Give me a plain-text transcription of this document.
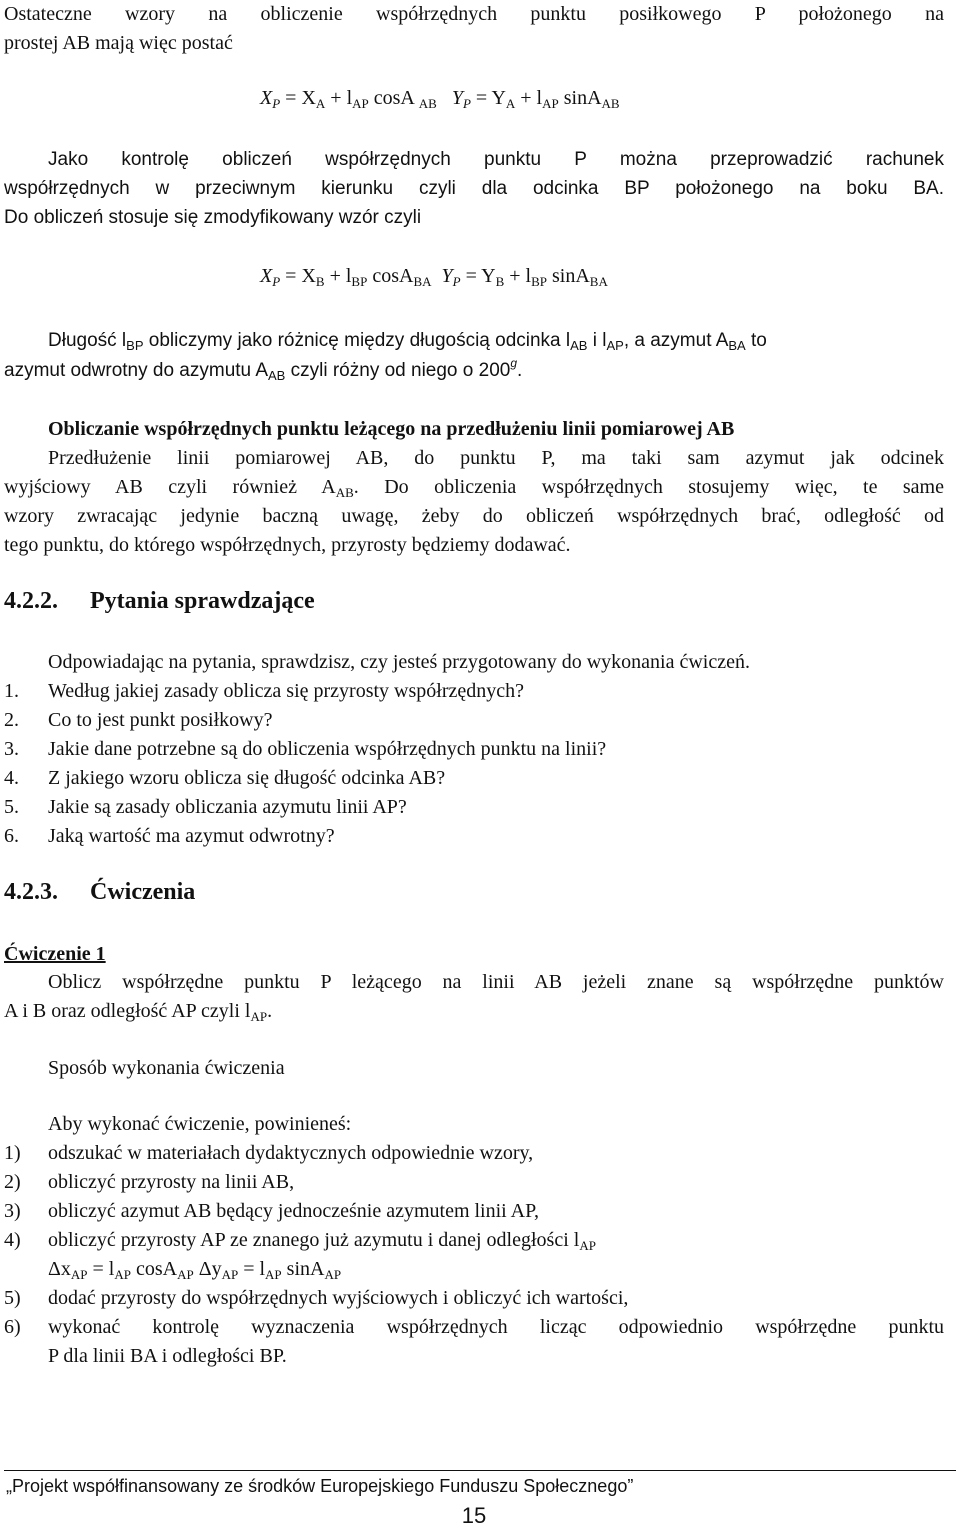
Ostateczne wzory na obliczenie współrzędnych punktu posiłkowego P położonego na
prostej AB mają więc postać
$X_P = X_A + l_{AP}$ cosA $_{AB}$ $Y_P = Y_A + l_{AP}$ sinA$_{AB}$
Jako kontrolę obliczeń współrzędnych punktu P można przeprowadzić rachunek
współrzędnych w przeciwnym kierunku czyli dla odcinka BP położonego na boku BA.
Do obliczeń stosuje się zmodyfikowany wzór czyli
$X_P = X_B + l_{BP}$ cosA$_{BA}$ $Y_P = Y_B + l_{BP}$ sinA$_{BA}$
Długość $l_{BP}$ obliczymy jako różnicę między długością odcinka $l_{AB}$ i $l_{AP}$, a azymut $A_{BA}$ to
azymut odwrotny do azymutu $A_{AB}$ czyli różny od niego o 200$^g$.
Obliczanie współrzędnych punktu leżącego na przedłużeniu linii pomiarowej AB
Przedłużenie linii pomiarowej AB, do punktu P, ma taki sam azymut jak odcinek
wyjściowy AB czyli również $A_{AB}$. Do obliczenia współrzędnych stosujemy więc, te same
wzory zwracając jedynie baczną uwagę, żeby do obliczeń współrzędnych brać, odległość od
tego punktu, do którego współrzędnych, przyrosty będziemy dodawać.
4.2.2. Pytania sprawdzające
Odpowiadając na pytania, sprawdzisz, czy jesteś przygotowany do wykonania ćwiczeń.
1. Według jakiej zasady oblicza się przyrosty współrzędnych?
2. Co to jest punkt posiłkowy?
3. Jakie dane potrzebne są do obliczenia współrzędnych punktu na linii?
4. Z jakiego wzoru oblicza się długość odcinka AB?
5. Jakie są zasady obliczania azymutu linii AP?
6. Jaką wartość ma azymut odwrotny?
4.2.3. Ćwiczenia
Ćwiczenie 1
Oblicz współrzędne punktu P leżącego na linii AB jeżeli znane są współrzędne punktów
A i B oraz odległość AP czyli $l_{AP}$.
Sposób wykonania ćwiczenia
Aby wykonać ćwiczenie, powinieneś:
1) odszukać w materiałach dydaktycznych odpowiednie wzory,
2) obliczyć przyrosty na linii AB,
3) obliczyć azymut AB będący jednocześnie azymutem linii AP,
4) obliczyć przyrosty AP ze znanego już azymutu i danej odległości $l_{AP}$
$\Delta x_{AP} = l_{AP}$ cosA$_{AP}$ $\Delta y_{AP} = l_{AP}$ sinA$_{AP}$
5) dodać przyrosty do współrzędnych wyjściowych i obliczyć ich wartości,
6) wykonać kontrolę wyznaczenia współrzędnych licząc odpowiednio współrzędne punktu
P dla linii BA i odległości BP.
„Projekt współfinansowany ze środków Europejskiego Funduszu Społecznego”
15
